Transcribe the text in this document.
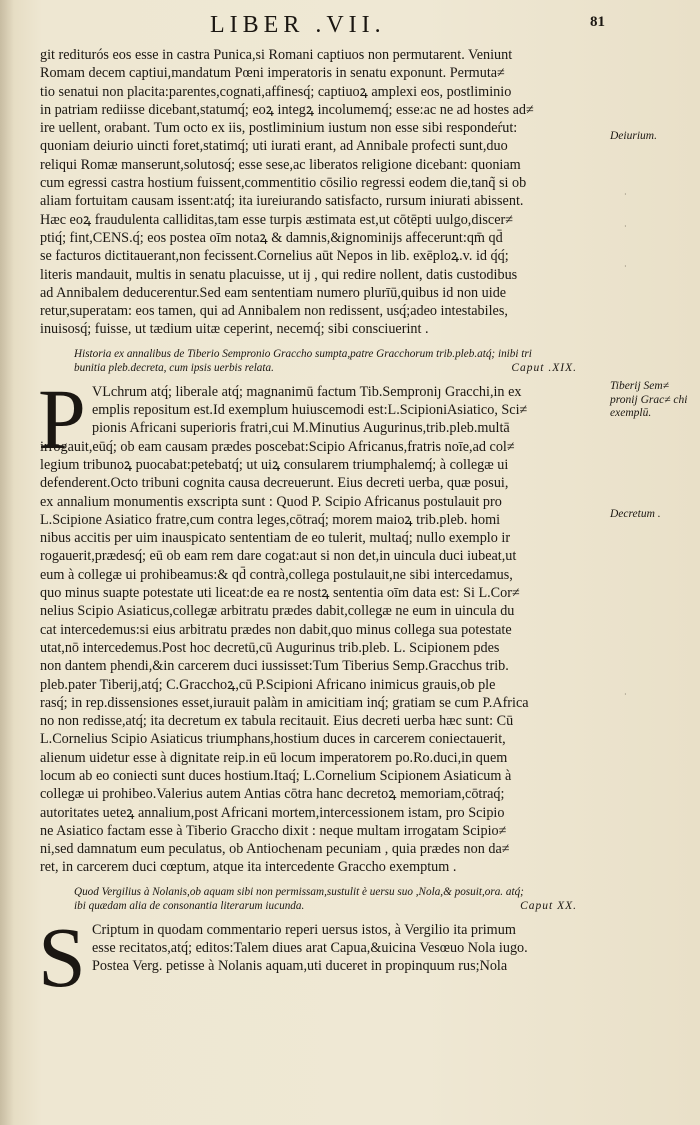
LIBER .VII.	81
git rediturós eos esse in castra Punica,si Romani captiuos non permutarent. Veniunt
Romam decem captiui,mandatum Pœni imperatoris in senatu exponunt. Permuta≠
tio senatui non placita:parentes,cognati,affinesq́; captiuoꝝ amplexi eos, postliminio
in patriam rediisse dicebant,statumq́; eoꝝ integꝝ incolumemq́; esse:ac ne ad hostes ad≠
ire uellent, orabant. Tum octo ex iis, postliminium iustum non esse sibi respondeŕut:
quoniam deiurio uincti foret,statimq́; uti iurati erant, ad Annibale profecti sunt,duo
reliqui Romæ manserunt,solutosq́; esse sese,ac liberatos religione dicebant: quoniam
cum egressi castra hostium fuissent,commentitio cōsilio regressi eodem die,tanq̃ si ob
aliam fortuitam causam issent:atq́; ita iureiurando satisfacto, rursum iniurati abissent.
Hæc eoꝝ fraudulenta calliditas,tam esse turpis æstimata est,ut cōtēpti uulgo,discer≠
ptiq́; fint,CENS.q́; eos postea oīm notaꝝ & damnis,&ignominijs affecerunt:qm̄ qd̄
se facturos dictitauerant,non fecissent.Cornelius aūt Nepos in lib. exēploꝝ.v. id q́q́;
literis mandauit, multis in senatu placuisse, ut ij , qui redire nollent, datis custodibus
ad Annibalem deducerentur.Sed eam sententiam numero plurīū,quibus id non uide
retur,superatam: eos tamen, qui ad Annibalem non redissent, usq́;adeo intestabiles,
inuisosq́; fuisse, ut tædium uitæ ceperint, necemq́; sibi consciuerint .
Historia ex annalibus de Tiberio Sempronio Graccho sumpta,patre Gracchorum trib.pleb.atq́; inibi tri
bunitia pleb.decreta, cum ipsis uerbis relata.	Caput .XIX.
P VLchrum atq́; liberale atq́; magnanimū factum Tib.Semproniȷ Gracchi,in ex
emplis repositum est.Id exemplum huiuscemodi est:L.ScipioniAsiatico, Sci≠
pionis Africani superioris fratri,cui M.Minutius Augurinus,trib.pleb.multā
irrogauit,eūq́; ob eam causam prædes poscebat:Scipio Africanus,fratris noīe,ad col≠
legium tribunoꝝ puocabat:petebatq́; ut uiꝝ consularem triumphalemq́; à collegæ ui
defenderent.Octo tribuni cognita causa decreuerunt. Eius decreti uerba, quæ posui,
ex annalium monumentis exscripta sunt : Quod P. Scipio Africanus postulauit pro
L.Scipione Asiatico fratre,cum contra leges,cōtraq́; morem maioꝝ trib.pleb. homi
nibus accitis per uim inauspicato sententiam de eo tulerit, multaq́; nullo exemplo ir
rogauerit,prædesq́; eū ob eam rem dare cogat:aut si non det,in uincula duci iubeat,ut
eum à collegæ ui prohibeamus:& qd̄ contrà,collega postulauit,ne sibi intercedamus,
quo minus suapte potestate uti liceat:de ea re nostꝝ sententia oīm data est: Si L.Cor≠
nelius Scipio Asiaticus,collegæ arbitratu prædes dabit,collegæ ne eum in uincula du
cat intercedemus:si eius arbitratu prædes non dabit,quo minus collega sua potestate
utat,nō intercedemus.Post hoc decretū,cū Augurinus trib.pleb. L. Scipionem pdes
non dantem phendi,&in carcerem duci iussisset:Tum Tiberius Semp.Gracchus trib.
pleb.pater Tiberij,atq́; C.Gracchoꝝ,cū P.Scipioni Africano inimicus grauis,ob ple
rasq́; in rep.dissensiones esset,iurauit palàm in amicitiam inq́; gratiam se cum P.Africa
no non redisse,atq́; ita decretum ex tabula recitauit. Eius decreti uerba hæc sunt: Cū
L.Cornelius Scipio Asiaticus triumphans,hostium duces in carcerem coniectauerit,
alienum uidetur esse à dignitate reip.in eū locum imperatorem po.Ro.duci,in quem
locum ab eo coniecti sunt duces hostium.Itaq́; L.Cornelium Scipionem Asiaticum à
collegæ ui prohibeo.Valerius autem Antias cōtra hanc decretoꝝ memoriam,cōtraq́;
autoritates ueteꝝ annalium,post Africani mortem,intercessionem istam, pro Scipio
ne Asiatico factam esse à Tiberio Graccho dixit : neque multam irrogatam Scipio≠
ni,sed damnatum eum peculatus, ob Antiochenam pecuniam , quia prædes non da≠
ret, in carcerem duci cœptum, atque ita intercedente Graccho exemptum .
Quod Vergilius à Nolanis,ob aquam sibi non permissam,sustulit è uersu suo ,Nola,& posuit,ora. atq́;
ibi quædam alia de consonantia literarum iucunda.	Caput XX.
S Criptum in quodam commentario reperi uersus istos, à Vergilio ita primum
esse recitatos,atq́; editos:Talem diues arat Capua,&uicina Vesœuo Nola iugo.
Postea Verg. petisse à Nolanis aquam,uti duceret in propinquum rus;Nola
Deiurium.
Tiberij Sem≠ pronij Grac≠ chi exemplū.
Decretum .
·
·
·
·
